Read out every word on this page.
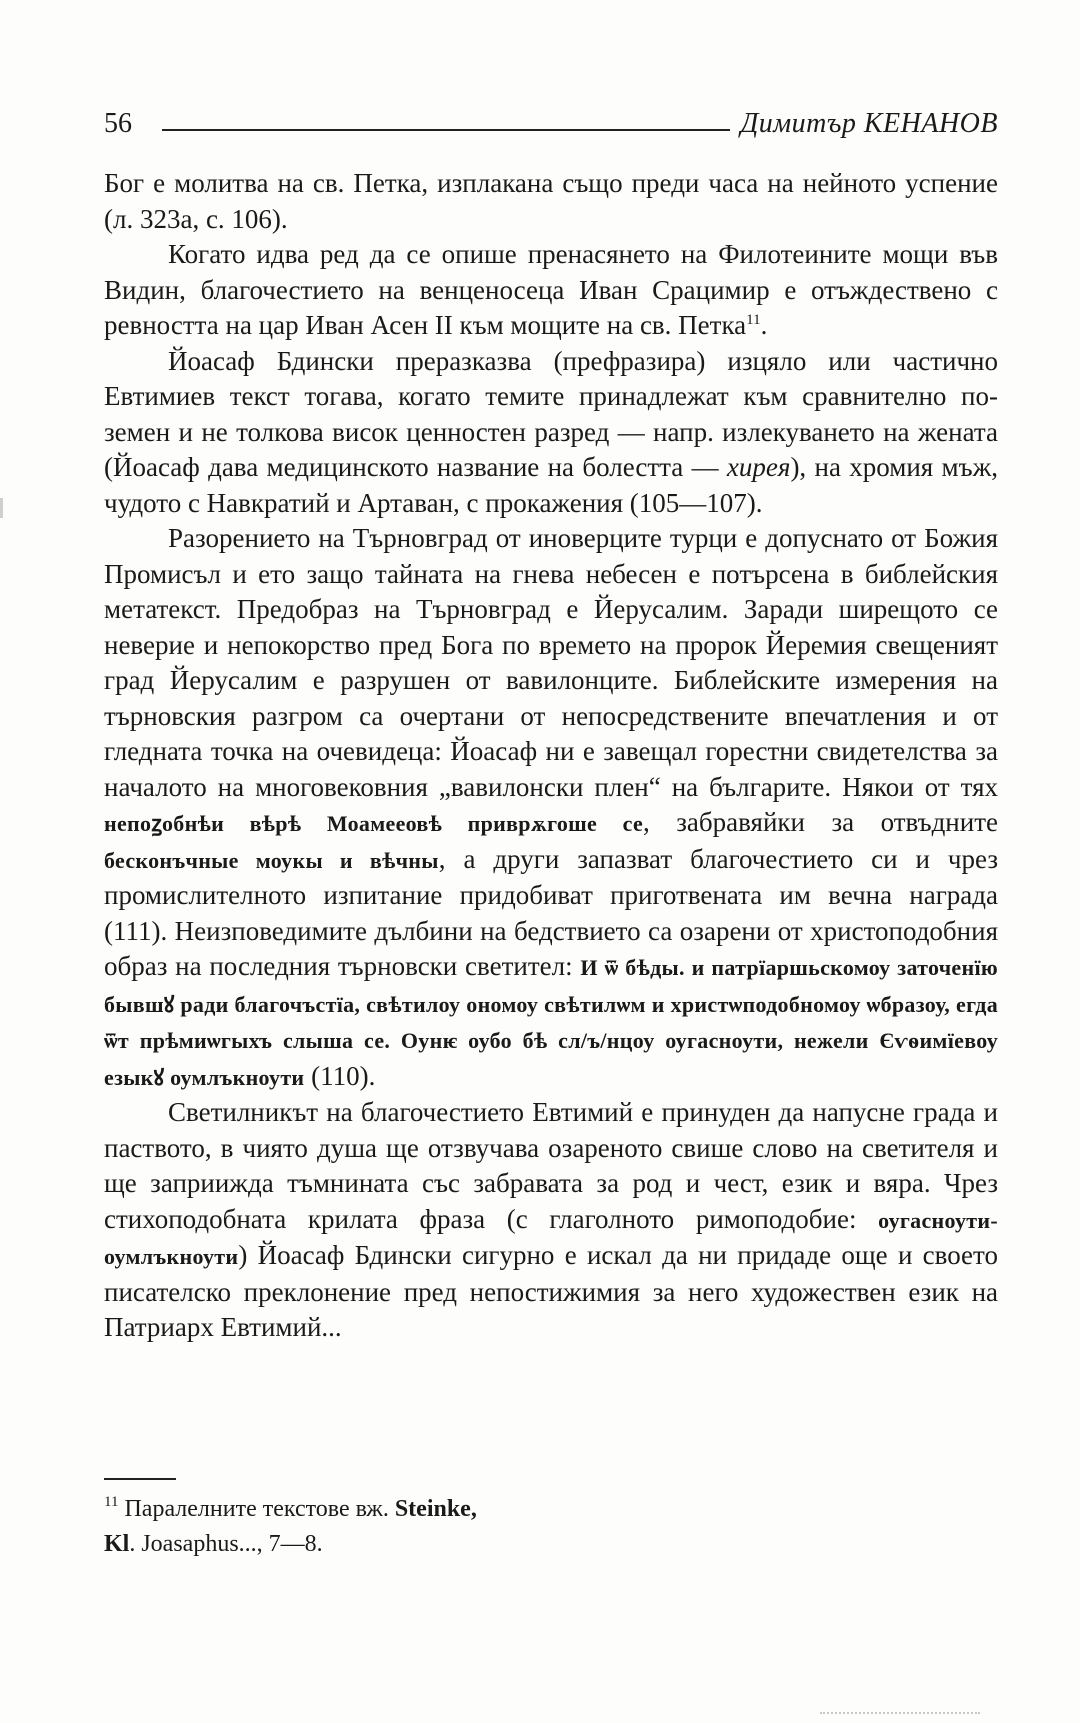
56	Димитър КЕНАНОВ

Бог е молитва на св. Петка, изплакана също преди часа на нейното успение (л. 323а, с. 106).

Когато идва ред да се опише пренасянето на Филотеините мощи във Видин, благочестието на венценосеца Иван Срацимир е отъждествено с ревността на цар Иван Асен II към мощите на св. Петка$^{11}$.

Йоасаф Бдински преразказва (префразира) изцяло или частично Евтимиев текст тогава, когато темите принадлежат към сравнително по-земен и не толкова висок ценностен разред — напр. излекуването на жената (Йоасаф дава медицинското название на болестта — хирея), на хромия мъж, чудото с Навкратий и Артаван, с прокажения (105—107).

Разорението на Търновград от иноверците турци е допуснато от Божия Промисъл и ето защо тайната на гнева небесен е потърсена в библейския метатекст. Предобраз на Търновград е Йерусалим. Заради ширещото се неверие и непокорство пред Бога по времето на пророк Йеремия свещеният град Йерусалим е разрушен от вавилонците. Библейските измерения на търновския разгром са очертани от непосредствените впечатления и от гледната точка на очевидеца: Йоасаф ни е завещал горестни свидетелства за началото на многовековния „вавилонски плен“ на българите. Някои от тях непоꙁобнѣи вѣрѣ Моамееовѣ приврѫгоше се, забравяйки за отвъдните бесконъчные моукы и вѣчны, а други запазват благочестието си и чрез промислителното изпитание придобиват приготвената им вечна награда (111). Неизповедимите дълбини на бедствието са озарени от христоподобния образ на последния търновски светител: И ѿ бѣды. и патрїаршьскомоу заточенїю бывшꙋ ради благочъстїа, свѣтилоу ономоу свѣтилѡм и христѡподобномоу ѡбразоу, егда ѿт прѣмиѡгыхъ слыша се. Оунѥ оубо бѣ сл/ъ/нцоу оугасноути, нежели Єѵѳимїевоу езыкꙋ оумлъкноути (110).

Светилникът на благочестието Евтимий е принуден да напусне града и паството, в чиято душа ще отзвучава озареното свише слово на светителя и ще заприижда тъмнината със забравата за род и чест, език и вяра. Чрез стихоподобната крилата фраза (с глаголното римоподобие: оугасноути-оумлъкноути) Йоасаф Бдински сигурно е искал да ни придаде още и своето писателско преклонение пред непостижимия за него художествен език на Патриарх Евтимий...

$^{11}$ Паралелните текстове вж. Steinke,
Kl. Joasaphus..., 7—8.
